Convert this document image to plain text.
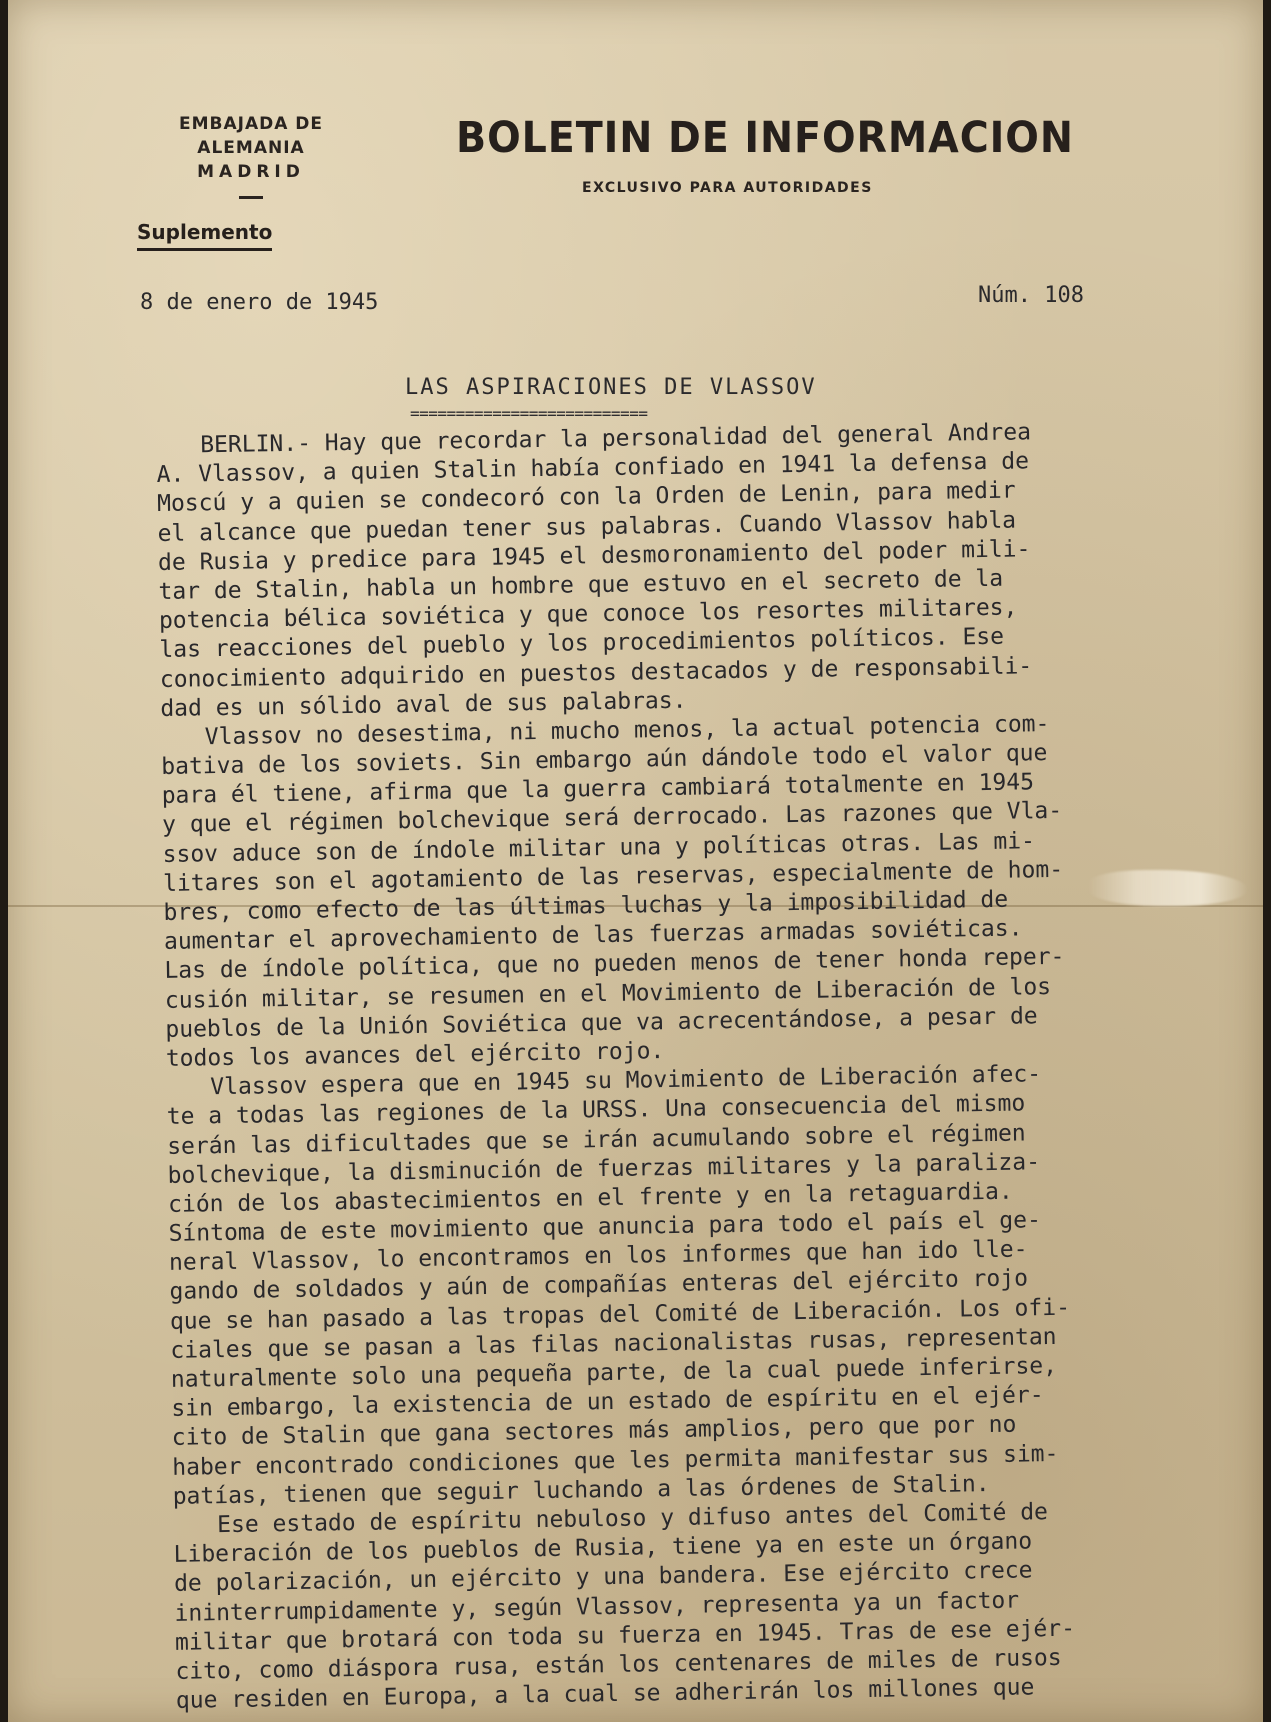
EMBAJADA DE ALEMANIA
MADRID
BOLETIN DE INFORMACION
EXCLUSIVO PARA AUTORIDADES
Suplemento
8 de enero de 1945	Núm. 108
LAS ASPIRACIONES DE VLASSOV
==========================
BERLIN.- Hay que recordar la personalidad del general Andrea
A. Vlassov, a quien Stalin había confiado en 1941 la defensa de
Moscú y a quien se condecoró con la Orden de Lenin, para medir
el alcance que puedan tener sus palabras. Cuando Vlassov habla
de Rusia y predice para 1945 el desmoronamiento del poder mili-
tar de Stalin, habla un hombre que estuvo en el secreto de la
potencia bélica soviética y que conoce los resortes militares,
las reacciones del pueblo y los procedimientos políticos. Ese
conocimiento adquirido en puestos destacados y de responsabili-
dad es un sólido aval de sus palabras.
Vlassov no desestima, ni mucho menos, la actual potencia com-
bativa de los soviets. Sin embargo aún dándole todo el valor que
para él tiene, afirma que la guerra cambiará totalmente en 1945
y que el régimen bolchevique será derrocado. Las razones que Vla-
ssov aduce son de índole militar una y políticas otras. Las mi-
litares son el agotamiento de las reservas, especialmente de hom-
bres, como efecto de las últimas luchas y la imposibilidad de
aumentar el aprovechamiento de las fuerzas armadas soviéticas.
Las de índole política, que no pueden menos de tener honda reper-
cusión militar, se resumen en el Movimiento de Liberación de los
pueblos de la Unión Soviética que va acrecentándose, a pesar de
todos los avances del ejército rojo.
Vlassov espera que en 1945 su Movimiento de Liberación afec-
te a todas las regiones de la URSS. Una consecuencia del mismo
serán las dificultades que se irán acumulando sobre el régimen
bolchevique, la disminución de fuerzas militares y la paraliza-
ción de los abastecimientos en el frente y en la retaguardia.
Síntoma de este movimiento que anuncia para todo el país el ge-
neral Vlassov, lo encontramos en los informes que han ido lle-
gando de soldados y aún de compañías enteras del ejército rojo
que se han pasado a las tropas del Comité de Liberación. Los ofi-
ciales que se pasan a las filas nacionalistas rusas, representan
naturalmente solo una pequeña parte, de la cual puede inferirse,
sin embargo, la existencia de un estado de espíritu en el ejér-
cito de Stalin que gana sectores más amplios, pero que por no
haber encontrado condiciones que les permita manifestar sus sim-
patías, tienen que seguir luchando a las órdenes de Stalin.
Ese estado de espíritu nebuloso y difuso antes del Comité de
Liberación de los pueblos de Rusia, tiene ya en este un órgano
de polarización, un ejército y una bandera. Ese ejército crece
ininterrumpidamente y, según Vlassov, representa ya un factor
militar que brotará con toda su fuerza en 1945. Tras de ese ejér-
cito, como diáspora rusa, están los centenares de miles de rusos
que residen en Europa, a la cual se adherirán los millones que
